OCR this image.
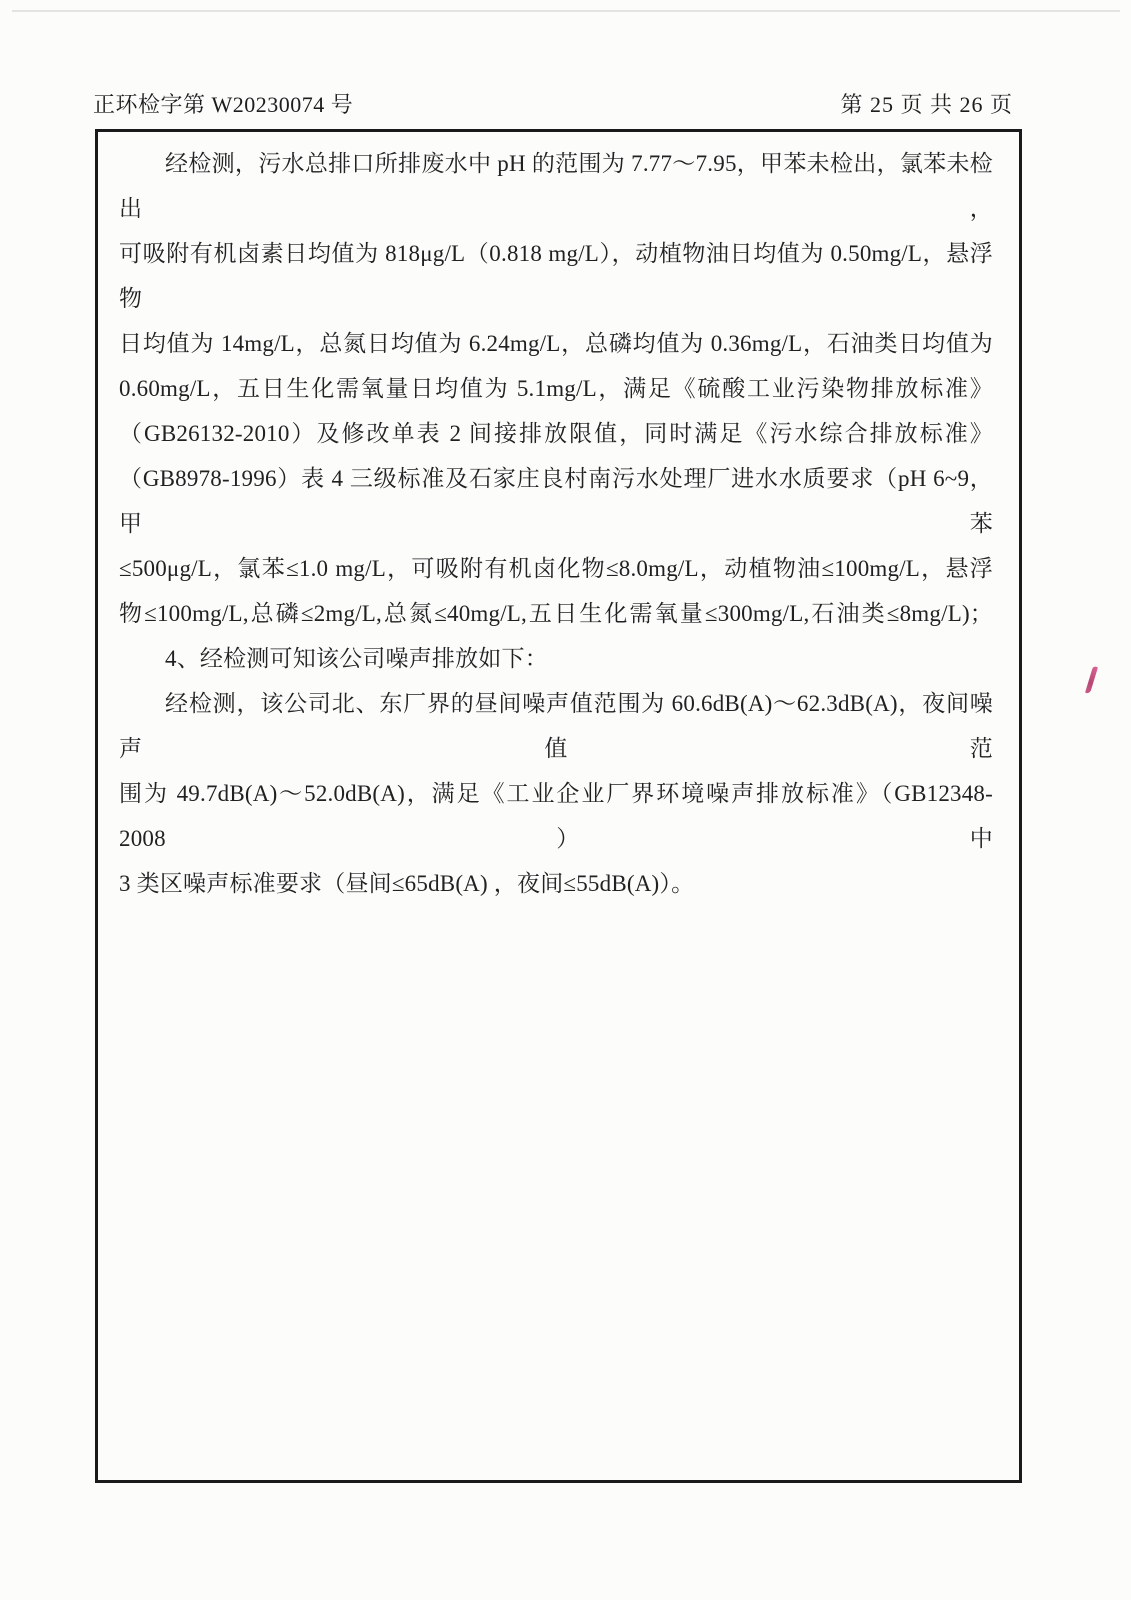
正环检字第 W20230074 号	第 25 页 共 26 页
经检测，污水总排口所排废水中 pH 的范围为 7.77～7.95，甲苯未检出，氯苯未检出，
可吸附有机卤素日均值为 818μg/L（0.818 mg/L），动植物油日均值为 0.50mg/L，悬浮物
日均值为 14mg/L，总氮日均值为 6.24mg/L，总磷均值为 0.36mg/L，石油类日均值为
0.60mg/L，五日生化需氧量日均值为 5.1mg/L，满足《硫酸工业污染物排放标准》
（GB26132-2010）及修改单表 2 间接排放限值，同时满足《污水综合排放标准》
（GB8978-1996）表 4 三级标准及石家庄良村南污水处理厂进水水质要求（pH 6~9，甲苯
≤500μg/L，氯苯≤1.0 mg/L，可吸附有机卤化物≤8.0mg/L，动植物油≤100mg/L，悬浮
物≤100mg/L,总磷≤2mg/L,总氮≤40mg/L,五日生化需氧量≤300mg/L,石油类≤8mg/L)；
4、经检测可知该公司噪声排放如下：
经检测，该公司北、东厂界的昼间噪声值范围为 60.6dB(A)～62.3dB(A)，夜间噪声值范
围为 49.7dB(A)～52.0dB(A)，满足《工业企业厂界环境噪声排放标准》（GB12348-2008）中
3 类区噪声标准要求（昼间≤65dB(A) ，夜间≤55dB(A)）。
